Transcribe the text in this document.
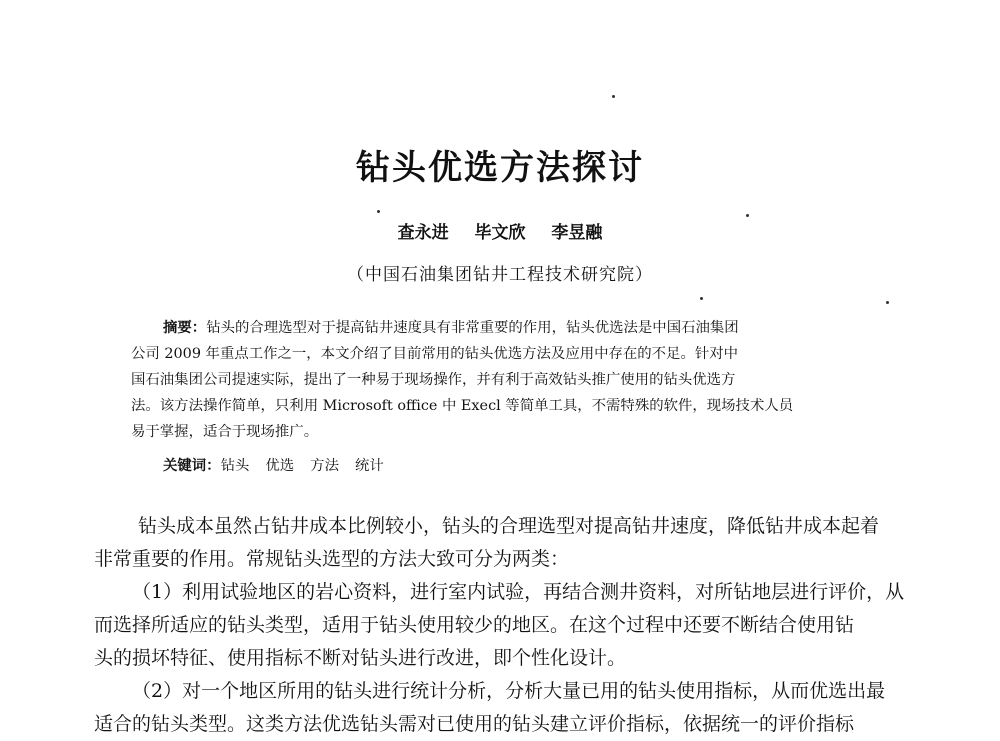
钻头优选方法探讨
查永进 毕文欣 李昱融
（中国石油集团钻井工程技术研究院）
摘要：钻头的合理选型对于提高钻井速度具有非常重要的作用，钻头优选法是中国石油集团
公司 2009 年重点工作之一，本文介绍了目前常用的钻头优选方法及应用中存在的不足。针对中
国石油集团公司提速实际，提出了一种易于现场操作，并有利于高效钻头推广使用的钻头优选方
法。该方法操作简单，只利用 Microsoft office 中 Execl 等简单工具，不需特殊的软件，现场技术人员
易于掌握，适合于现场推广。
关键词：钻头 优选 方法 统计
钻头成本虽然占钻井成本比例较小，钻头的合理选型对提高钻井速度，降低钻井成本起着
非常重要的作用。常规钻头选型的方法大致可分为两类：
（1）利用试验地区的岩心资料，进行室内试验，再结合测井资料，对所钻地层进行评价，从
而选择所适应的钻头类型，适用于钻头使用较少的地区。在这个过程中还要不断结合使用钻
头的损坏特征、使用指标不断对钻头进行改进，即个性化设计。
（2）对一个地区所用的钻头进行统计分析，分析大量已用的钻头使用指标，从而优选出最
适合的钻头类型。这类方法优选钻头需对已使用的钻头建立评价指标，依据统一的评价指标
